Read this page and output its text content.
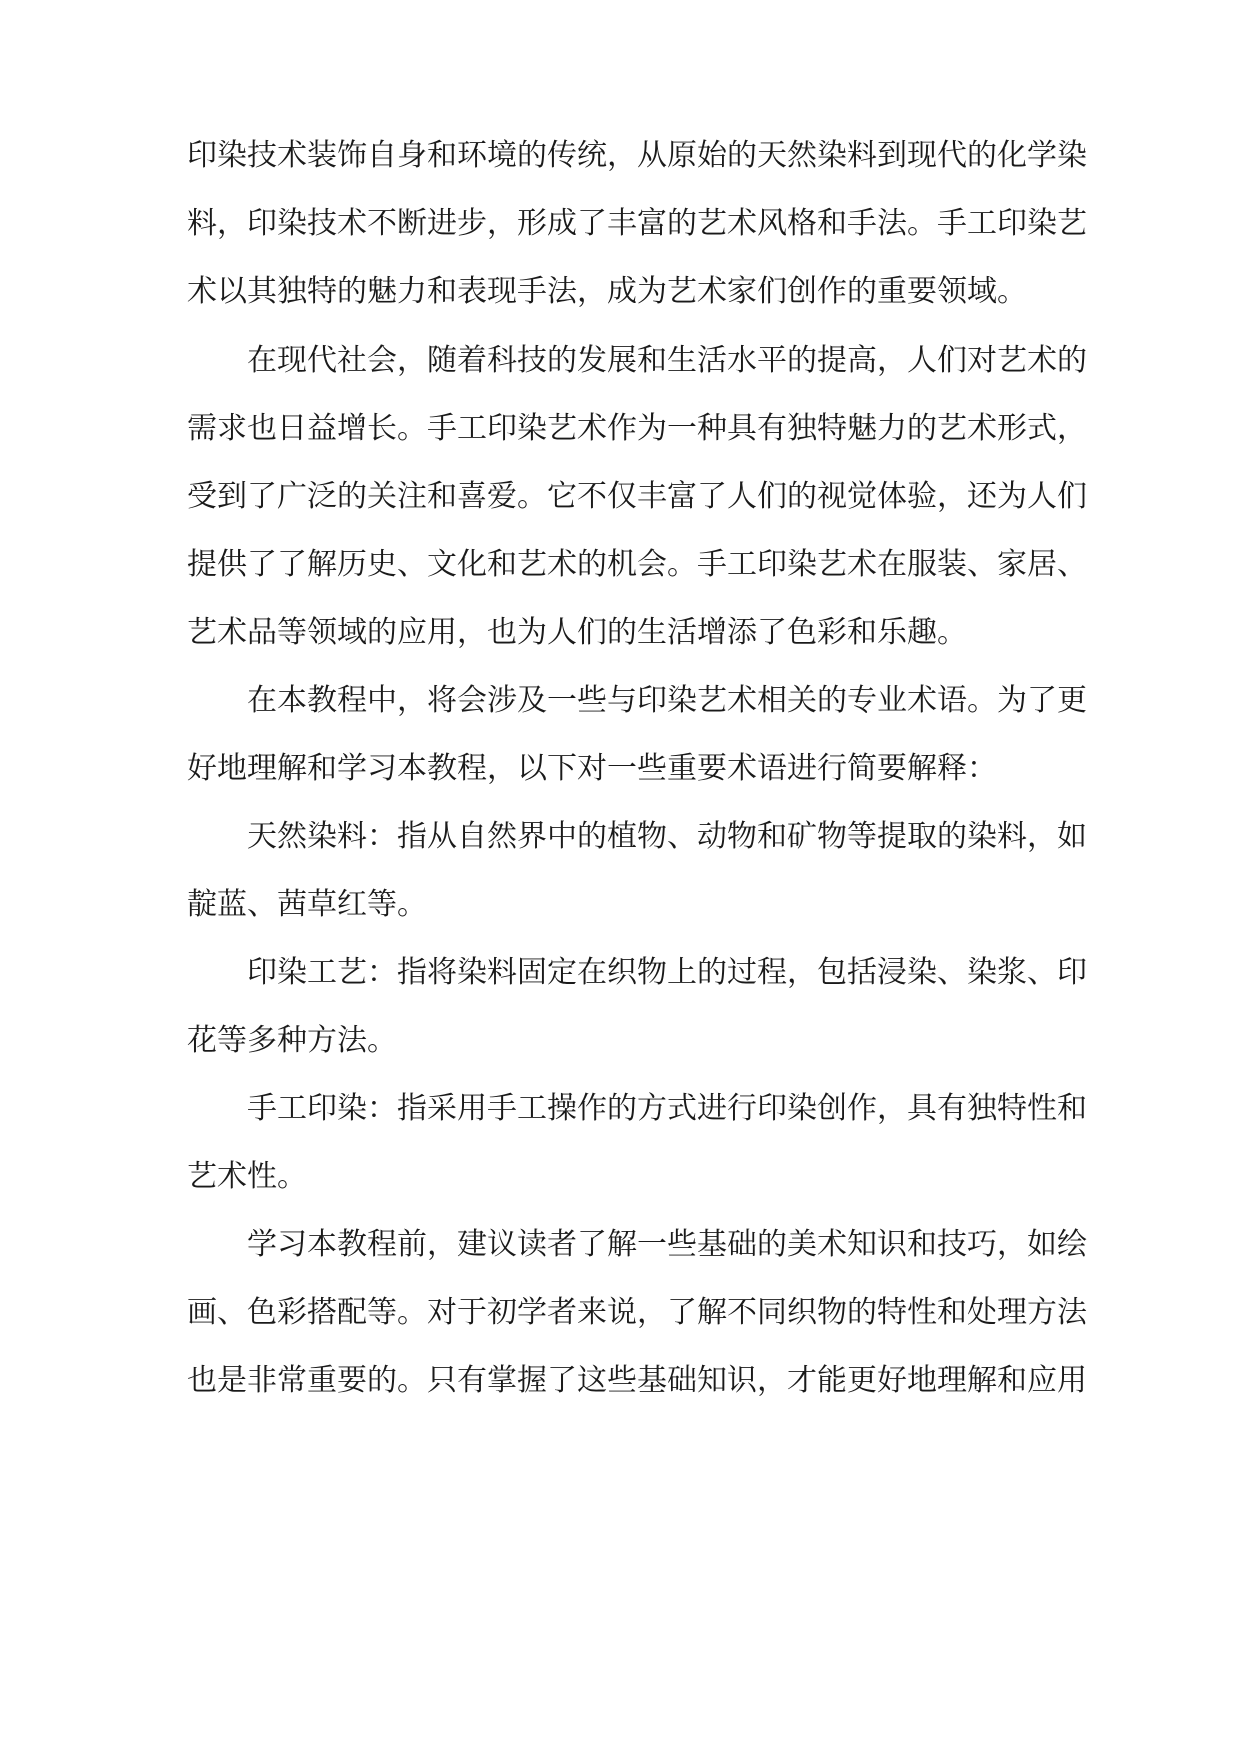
印染技术装饰自身和环境的传统，从原始的天然染料到现代的化学染
料，印染技术不断进步，形成了丰富的艺术风格和手法。手工印染艺
术以其独特的魅力和表现手法，成为艺术家们创作的重要领域。
在现代社会，随着科技的发展和生活水平的提高，人们对艺术的
需求也日益增长。手工印染艺术作为一种具有独特魅力的艺术形式，
受到了广泛的关注和喜爱。它不仅丰富了人们的视觉体验，还为人们
提供了了解历史、文化和艺术的机会。手工印染艺术在服装、家居、
艺术品等领域的应用，也为人们的生活增添了色彩和乐趣。
在本教程中，将会涉及一些与印染艺术相关的专业术语。为了更
好地理解和学习本教程，以下对一些重要术语进行简要解释：
天然染料：指从自然界中的植物、动物和矿物等提取的染料，如
靛蓝、茜草红等。
印染工艺：指将染料固定在织物上的过程，包括浸染、染浆、印
花等多种方法。
手工印染：指采用手工操作的方式进行印染创作，具有独特性和
艺术性。
学习本教程前，建议读者了解一些基础的美术知识和技巧，如绘
画、色彩搭配等。对于初学者来说，了解不同织物的特性和处理方法
也是非常重要的。只有掌握了这些基础知识，才能更好地理解和应用
